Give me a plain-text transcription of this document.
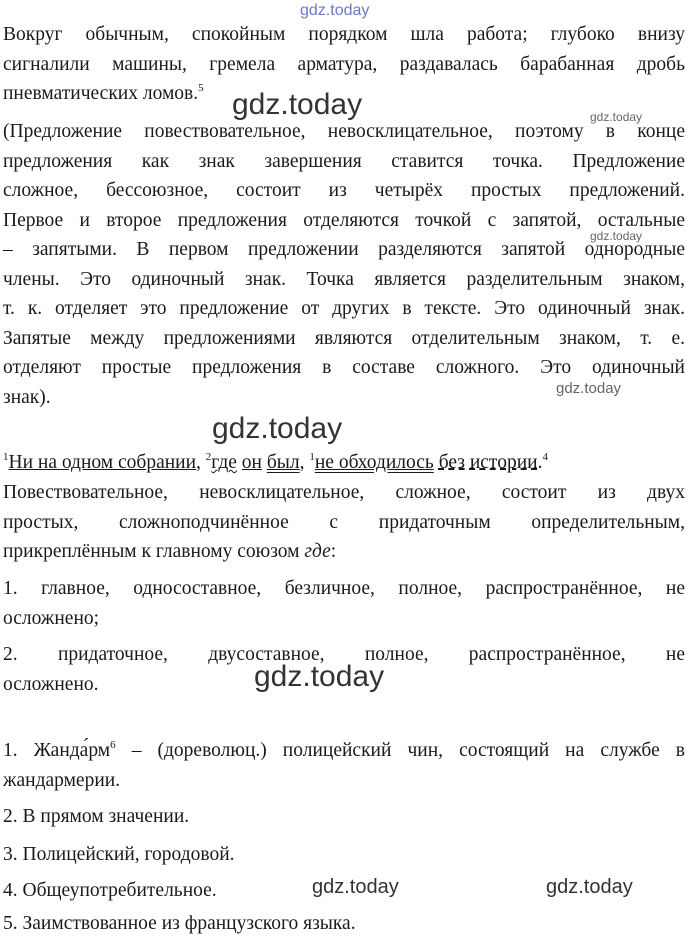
gdz.today
gdz.today	gdz.today
gdz.today
gdz.today
gdz.today
gdz.today
gdz.today	gdz.today
Вокруг обычным, спокойным порядком шла работа; глубоко внизу
сигналили машины, гремела арматура, раздавалась барабанная дробь
пневматических ломов.$^5$
(Предложение повествовательное, невосклицательное, поэтому в конце
предложения как знак завершения ставится точка. Предложение
сложное, бессоюзное, состоит из четырёх простых предложений.
Первое и второе предложения отделяются точкой с запятой, остальные
– запятыми. В первом предложении разделяются запятой однородные
члены. Это одиночный знак. Точка является разделительным знаком,
т. к. отделяет это предложение от других в тексте. Это одиночный знак.
Запятые между предложениями являются отделительным знаком, т. е.
отделяют простые предложения в составе сложного. Это одиночный
знак).
$^1$Ни на одном собрании, $^2$где он был, $^1$не обходилось без истории.$^4$
Повествовательное, невосклицательное, сложное, состоит из двух
простых, сложноподчинённое с придаточным определительным,
прикреплённым к главному союзом где:
1. главное, односоставное, безличное, полное, распространённое, не
осложнено;
2. придаточное, двусоставное, полное, распространённое, не
осложнено.
1. $Жанда́рм^6$ – (дореволюц.) полицейский чин, состоящий на службе в
жандармерии.
2. В прямом значении.
3. Полицейский, городовой.
4. Общеупотребительное.
5. Заимствованное из французского языка.
